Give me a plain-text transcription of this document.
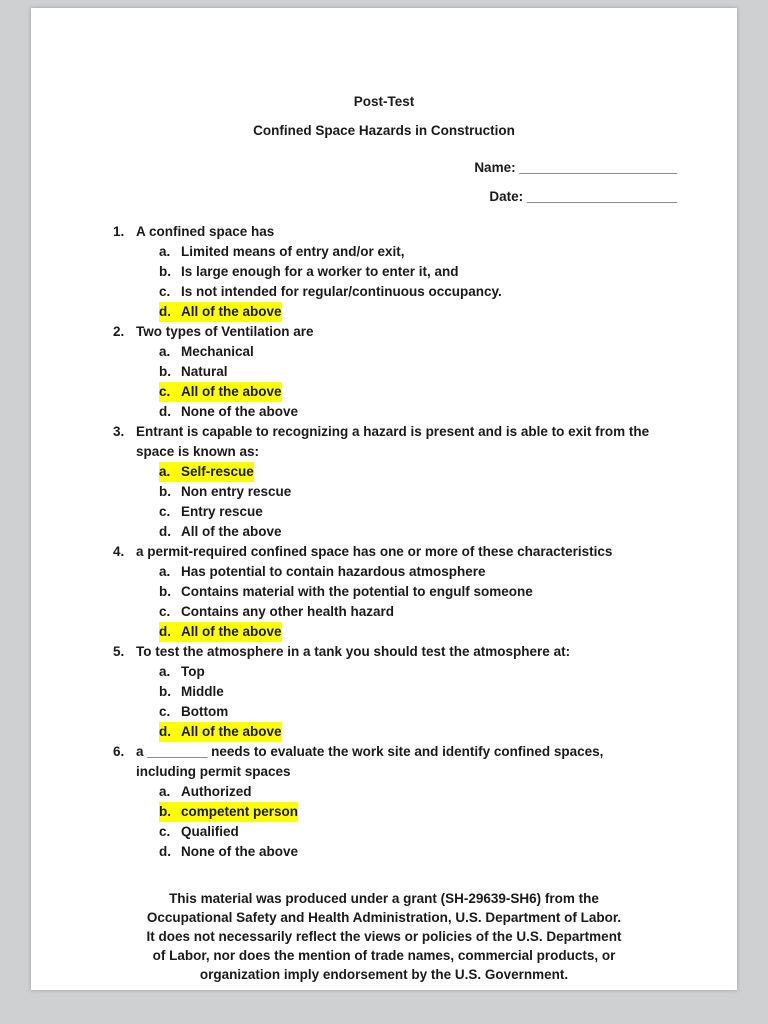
Post-Test
Confined Space Hazards in Construction
Name: _____________________
Date: ____________________
1. A confined space has
a. Limited means of entry and/or exit,
b. Is large enough for a worker to enter it, and
c. Is not intended for regular/continuous occupancy.
d. All of the above
2. Two types of Ventilation are
a. Mechanical
b. Natural
c. All of the above
d. None of the above
3. Entrant is capable to recognizing a hazard is present and is able to exit from the space is known as:
a. Self-rescue
b. Non entry rescue
c. Entry rescue
d. All of the above
4. a permit-required confined space has one or more of these characteristics
a. Has potential to contain hazardous atmosphere
b. Contains material with the potential to engulf someone
c. Contains any other health hazard
d. All of the above
5. To test the atmosphere in a tank you should test the atmosphere at:
a. Top
b. Middle
c. Bottom
d. All of the above
6. a ________ needs to evaluate the work site and identify confined spaces, including permit spaces
a. Authorized
b. competent person
c. Qualified
d. None of the above
This material was produced under a grant (SH-29639-SH6) from the Occupational Safety and Health Administration, U.S. Department of Labor. It does not necessarily reflect the views or policies of the U.S. Department of Labor, nor does the mention of trade names, commercial products, or organization imply endorsement by the U.S. Government.
